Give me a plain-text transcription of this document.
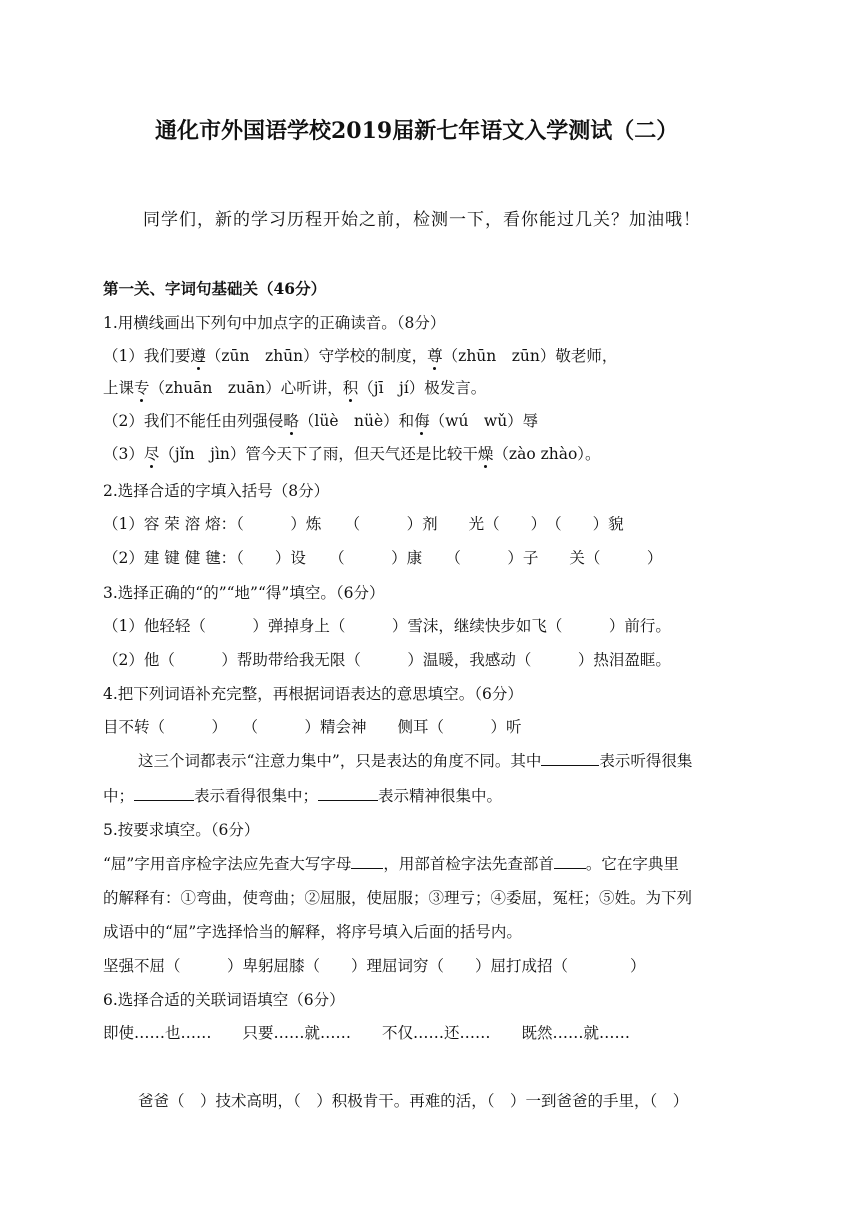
通化市外国语学校2019届新七年语文入学测试（二）
同学们，新的学习历程开始之前，检测一下，看你能过几关？加油哦！
第一关、字词句基础关（46分）
1.用横线画出下列句中加点字的正确读音。（8分）
（1）我们要遵（zūn　zhūn）守学校的制度，尊（zhūn　zūn）敬老师，
上课专（zhuān　zuān）心听讲，积（jī　jí）极发言。
（2）我们不能任由列强侵略（lüè　nüè）和侮（wú　wǔ）辱
（3）尽（jǐn　jìn）管今天下了雨，但天气还是比较干燥（zào zhào）。
2.选择合适的字填入括号（8分）
（1）容 荣 溶 熔：（　　　）炼　　（　　　）剂　　光（　　）　（　　）貌
（2）建 键 健 毽：（　　）设　　（　　　）康　　（　　　）子　　关（　　　）
3.选择正确的“的”“地”“得”填空。（6分）
（1）他轻轻（　　　）弹掉身上（　　　）雪沫，继续快步如飞（　　　）前行。
（2）他（　　　）帮助带给我无限（　　　）温暖，我感动（　　　）热泪盈眶。
4.把下列词语补充完整，再根据词语表达的意思填空。（6分）
目不转（　　　）　　（　　　）精会神　　侧耳（　　　）听
这三个词都表示“注意力集中”，只是表达的角度不同。其中	表示听得很集
中；	表示看得很集中；	表示精神很集中。
5.按要求填空。（6分）
“屈”字用音序检字法应先查大写字母 ，用部首检字法先查部首 。它在字典里
的解释有：①弯曲，使弯曲；②屈服，使屈服；③理亏；④委屈，冤枉；⑤姓。为下列
成语中的“屈”字选择恰当的解释，将序号填入后面的括号内。
坚强不屈（　　　）卑躬屈膝（　　）理屈词穷（　　）屈打成招（　　　　）
6.选择合适的关联词语填空（6分）
即使……也……　　只要……就……　　不仅……还……　　既然……就……
爸爸（　）技术高明，（　）积极肯干。再难的活，（　）一到爸爸的手里，（　）
